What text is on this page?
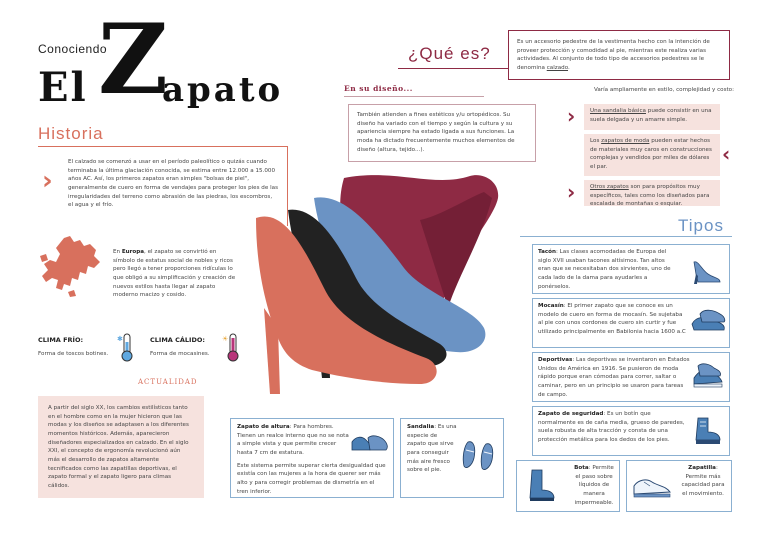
Conociendo
El Z
apato
¿Qué es?
Es un accesorio pedestre de la vestimenta hecho con la intención de proveer protección y comodidad al pie, mientras este realiza varias actividades. Al conjunto de todo tipo de accesorios pedestres se le denomina calzado.
En su diseño...
También atienden a fines estéticos y/u ortopédicos. Su diseño ha variado con el tiempo y según la cultura y su apariencia siempre ha estado ligada a sus funciones. La moda ha dictado frecuentemente muchos elementos de diseño (altura, tejido...).
Varía ampliamente en estilo, complejidad y costo:
›	Una sandalia básica puede consistir en una suela delgada y un amarre simple.
Los zapatos de moda pueden estar hechos de materiales muy caros en construcciones complejas y vendidos por miles de dólares el par.
‹
›	Otros zapatos son para propósitos muy específicos, tales como los diseñados para escalada de montañas o esquiar.
Historia
›
El calzado se comenzó a usar en el período paleolítico o quizás cuando terminaba la última glaciación conocida, se estima entre 12.000 a 15.000 años AC. Así, los primeros zapatos eran simples "bolsas de piel", generalmente de cuero en forma de vendajes para proteger los pies de las irregularidades del terreno como abrasión de las piedras, los escombros, el agua y el frío.
En Europa, el zapato se convirtió en símbolo de estatus social de nobles y ricos pero llegó a tener proporciones ridículas lo que obligó a su simplificación y creación de nuevos estilos hasta llegar al zapato moderno macizo y cosido.
CLIMA FRÍO:	✱
Forma de toscos botines.
CLIMA CÁLIDO: ☀
Forma de mocasines.
ACTUALIDAD
A partir del siglo XX, los cambios estilísticos tanto en el hombre como en la mujer hicieron que las modas y los diseños se adaptasen a los diferentes momentos históricos. Además, aparecieron diseñadores especializados en calzado. En el siglo XXI, el concepto de ergonomía revolucionó aún más el desarrollo de zapatos altamente tecnificados como las zapatillas deportivas, el zapato formal y el zapato ligero para climas cálidos.
Tipos
Tacón: Las clases acomodadas de Europa del siglo XVII usaban tacones altísimos. Tan altos eran que se necesitaban dos sirvientes, uno de cada lado de la dama para ayudarles a ponérselos.
Mocasín: El primer zapato que se conoce es un modelo de cuero en forma de mocasín. Se sujetaba al pie con unos cordones de cuero sin curtir y fue utilizado principalmente en Babilonia hacia 1600 a.C
Deportivas: Las deportivas se inventaron en Estados Unidos de América en 1916. Se pusieron de moda rápido porque eran cómodas para correr, saltar o caminar, pero en un principio se usaron para tareas de campo.
Zapato de seguridad: Es un botín que normalmente es de caña media, grueso de paredes, suela robusta de alta tracción y consta de una protección metálica para los dedos de los pies.
Bota: Permite el paso sobre líquidos de manera impermeable.
Zapatilla: Permite más capacidad para el movimiento.
Zapato de altura: Para hombres. Tienen un realce interno que no se nota a simple vista y que permite crecer hasta 7 cm de estatura.
Este sistema permite superar cierta desigualdad que existía con las mujeres a la hora de querer ser más alto y para corregir problemas de dismetría en el tren inferior.
Sandalia: Es una especie de zapato que sirve para conseguir más aire fresco sobre el pie.
